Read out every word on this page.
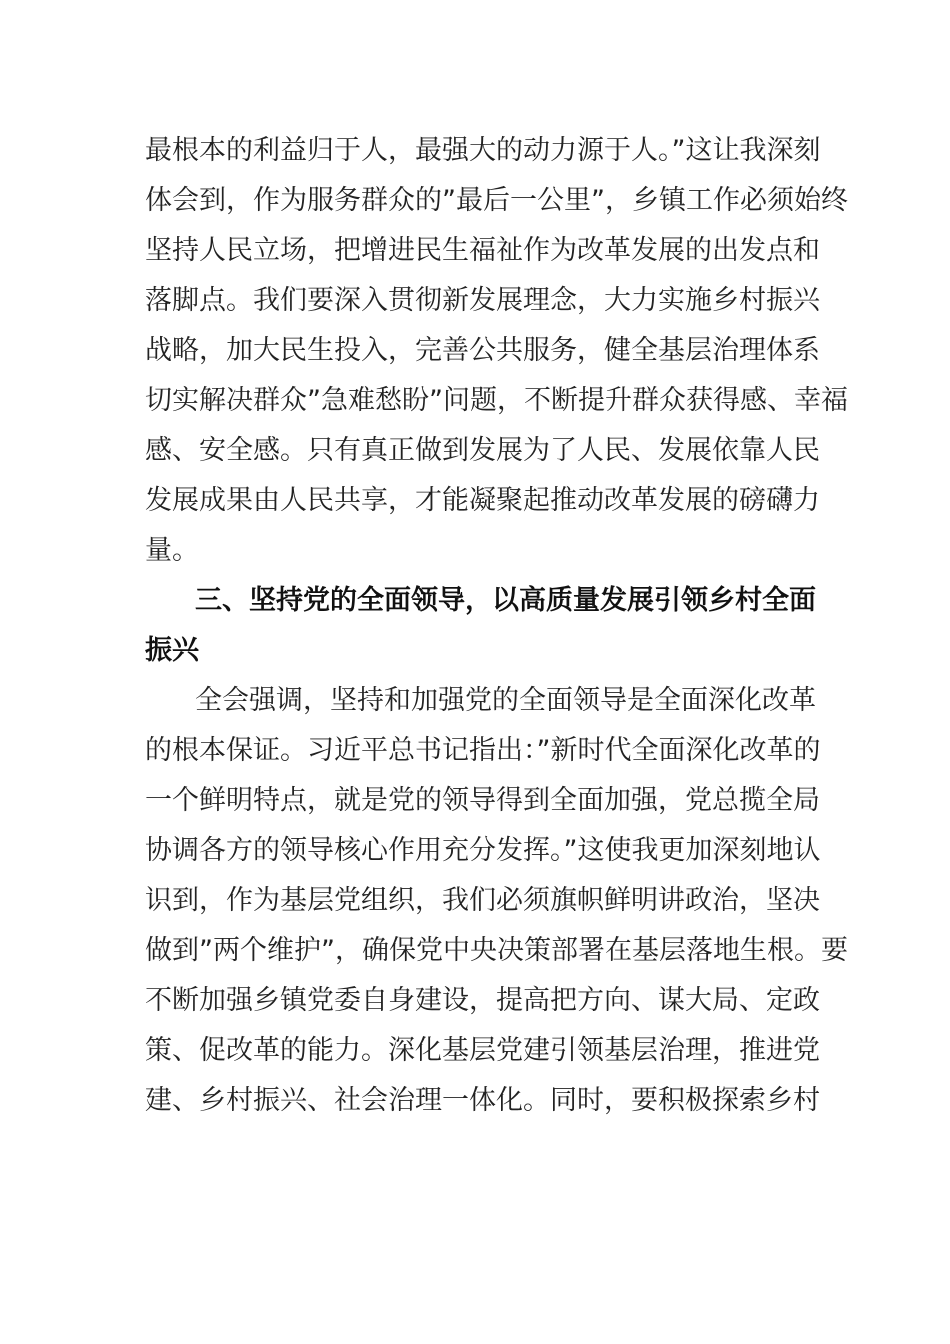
最根本的利益归于人，最强大的动力源于人。”这让我深刻
体会到，作为服务群众的”最后一公里”，乡镇工作必须始终
坚持人民立场，把增进民生福祉作为改革发展的出发点和
落脚点。我们要深入贯彻新发展理念，大力实施乡村振兴
战略，加大民生投入，完善公共服务，健全基层治理体系
切实解决群众”急难愁盼”问题，不断提升群众获得感、幸福
感、安全感。只有真正做到发展为了人民、发展依靠人民
发展成果由人民共享，才能凝聚起推动改革发展的磅礴力
量。
三、坚持党的全面领导，以高质量发展引领乡村全面
振兴
全会强调，坚持和加强党的全面领导是全面深化改革
的根本保证。习近平总书记指出：”新时代全面深化改革的
一个鲜明特点，就是党的领导得到全面加强，党总揽全局
协调各方的领导核心作用充分发挥。”这使我更加深刻地认
识到，作为基层党组织，我们必须旗帜鲜明讲政治，坚决
做到”两个维护”，确保党中央决策部署在基层落地生根。要
不断加强乡镇党委自身建设，提高把方向、谋大局、定政
策、促改革的能力。深化基层党建引领基层治理，推进党
建、乡村振兴、社会治理一体化。同时，要积极探索乡村
